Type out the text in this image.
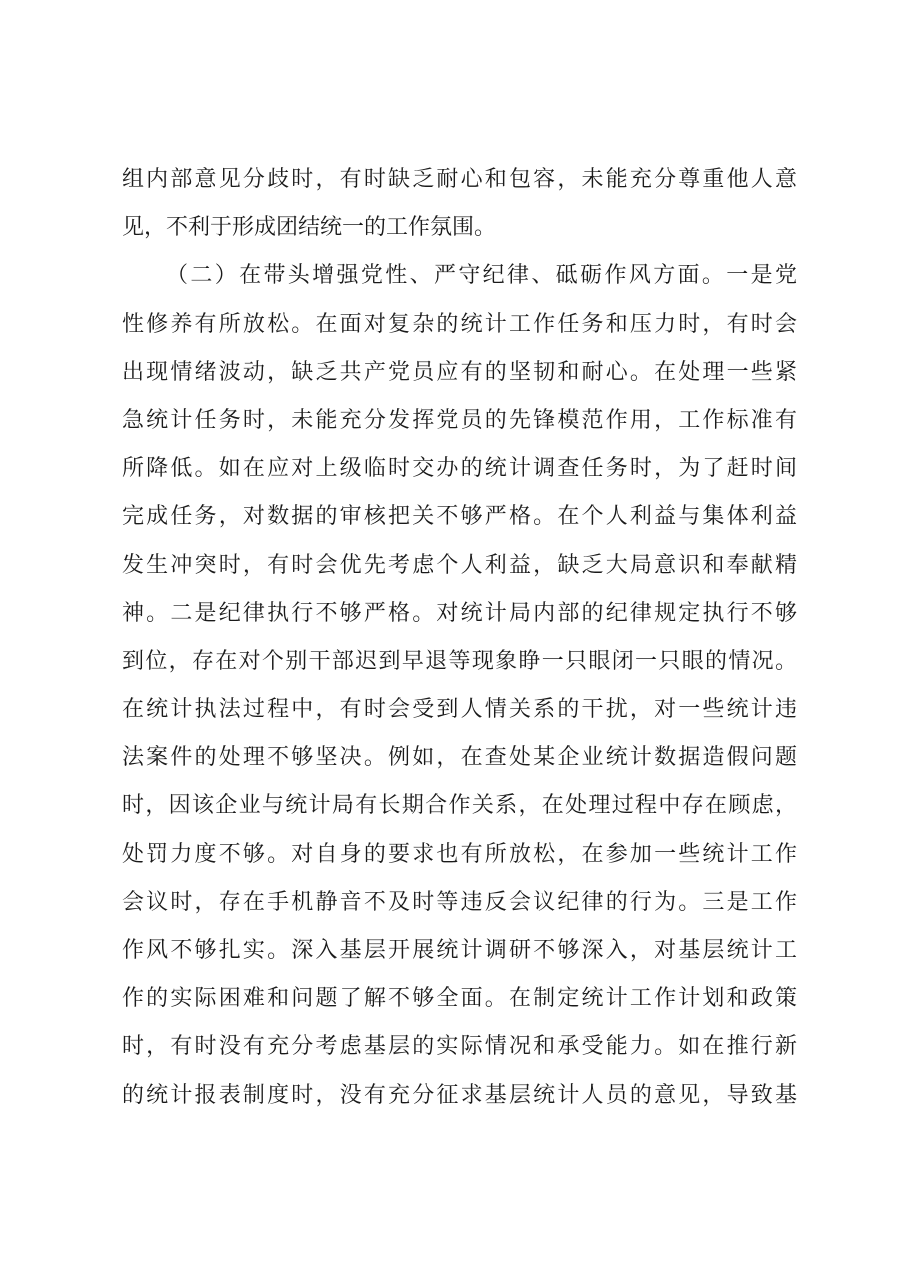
组内部意见分歧时，有时缺乏耐心和包容，未能充分尊重他人意
见，不利于形成团结统一的工作氛围。
（二）在带头增强党性、严守纪律、砥砺作风方面。一是党
性修养有所放松。在面对复杂的统计工作任务和压力时，有时会
出现情绪波动，缺乏共产党员应有的坚韧和耐心。在处理一些紧
急统计任务时，未能充分发挥党员的先锋模范作用，工作标准有
所降低。如在应对上级临时交办的统计调查任务时，为了赶时间
完成任务，对数据的审核把关不够严格。在个人利益与集体利益
发生冲突时，有时会优先考虑个人利益，缺乏大局意识和奉献精
神。二是纪律执行不够严格。对统计局内部的纪律规定执行不够
到位，存在对个别干部迟到早退等现象睁一只眼闭一只眼的情况。
在统计执法过程中，有时会受到人情关系的干扰，对一些统计违
法案件的处理不够坚决。例如，在查处某企业统计数据造假问题
时，因该企业与统计局有长期合作关系，在处理过程中存在顾虑，
处罚力度不够。对自身的要求也有所放松，在参加一些统计工作
会议时，存在手机静音不及时等违反会议纪律的行为。三是工作
作风不够扎实。深入基层开展统计调研不够深入，对基层统计工
作的实际困难和问题了解不够全面。在制定统计工作计划和政策
时，有时没有充分考虑基层的实际情况和承受能力。如在推行新
的统计报表制度时，没有充分征求基层统计人员的意见，导致基
